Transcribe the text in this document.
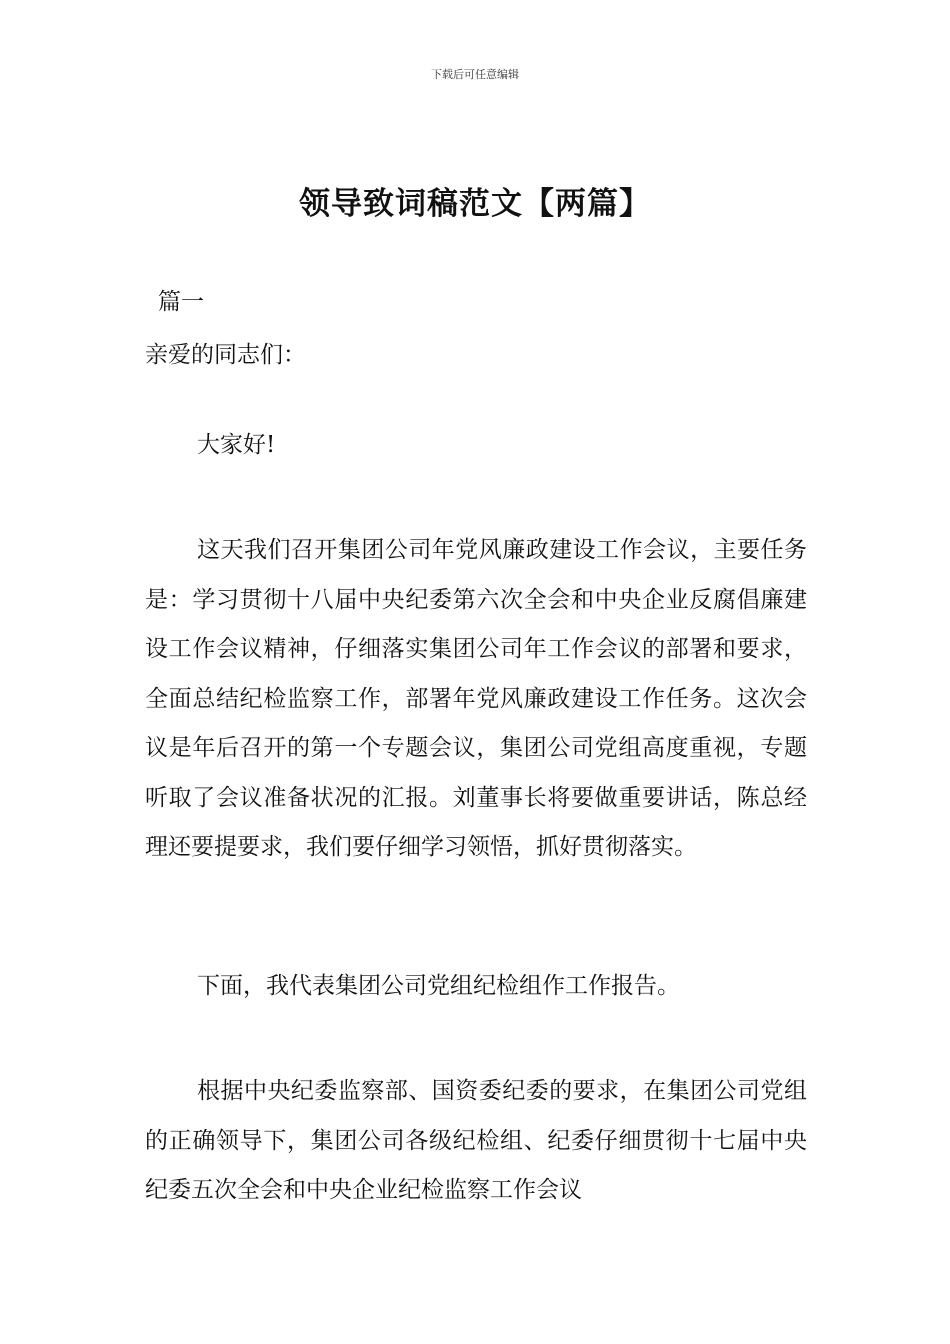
下载后可任意编辑
领导致词稿范文【两篇】
篇一
亲爱的同志们：

大家好!

这天我们召开集团公司年党风廉政建设工作会议，主要任务是：学习贯彻十八届中央纪委第六次全会和中央企业反腐倡廉建设工作会议精神，仔细落实集团公司年工作会议的部署和要求，全面总结纪检监察工作，部署年党风廉政建设工作任务。这次会议是年后召开的第一个专题会议，集团公司党组高度重视，专题听取了会议准备状况的汇报。刘董事长将要做重要讲话，陈总经理还要提要求，我们要仔细学习领悟，抓好贯彻落实。

下面，我代表集团公司党组纪检组作工作报告。

根据中央纪委监察部、国资委纪委的要求，在集团公司党组的正确领导下，集团公司各级纪检组、纪委仔细贯彻十七届中央纪委五次全会和中央企业纪检监察工作会议
